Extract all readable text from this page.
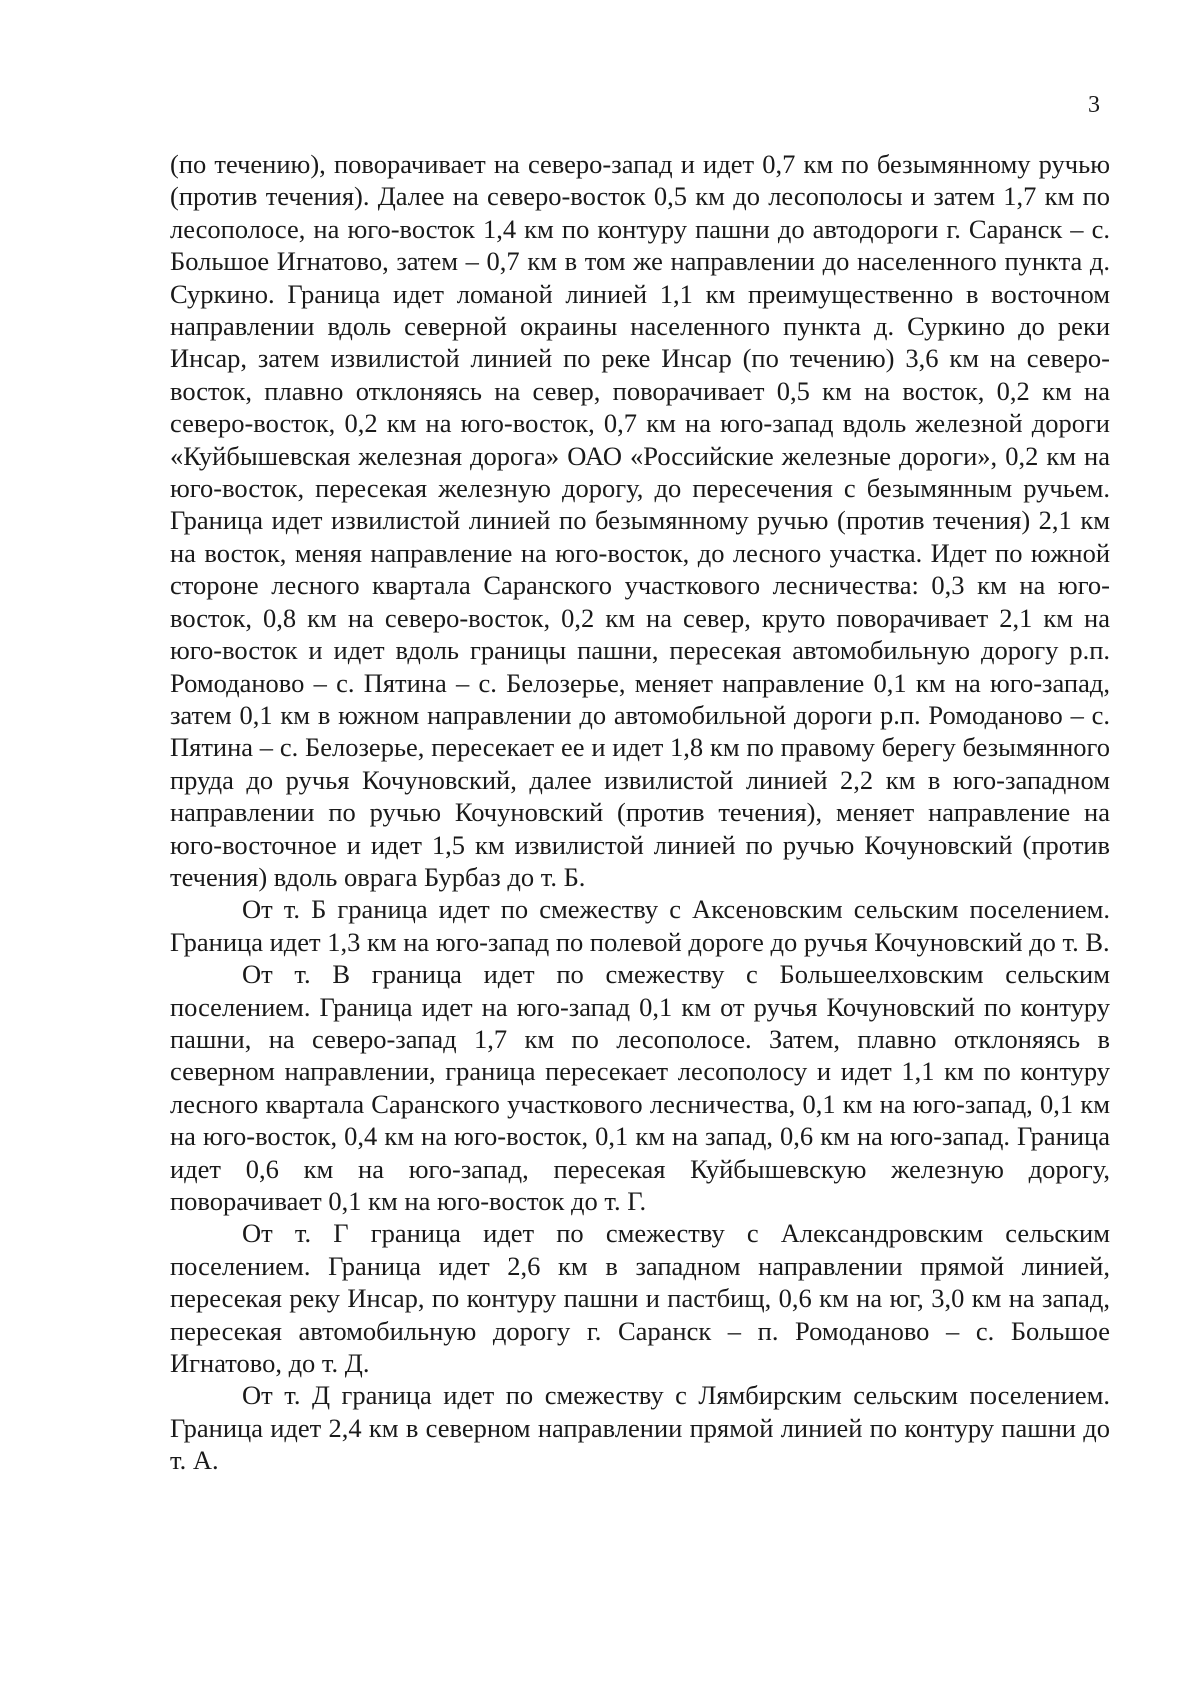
3

(по течению), поворачивает на северо-запад и идет 0,7 км по безымянному ручью (против течения). Далее на северо-восток 0,5 км до лесополосы и затем 1,7 км по лесополосе, на юго-восток 1,4 км по контуру пашни до автодороги г. Саранск – с. Большое Игнатово, затем – 0,7 км в том же направлении до населенного пункта д. Суркино. Граница идет ломаной линией 1,1 км преимущественно в восточном направлении вдоль северной окраины населенного пункта д. Суркино до реки Инсар, затем извилистой линией по реке Инсар (по течению) 3,6 км на северо-восток, плавно отклоняясь на север, поворачивает 0,5 км на восток, 0,2 км на северо-восток, 0,2 км на юго-восток, 0,7 км на юго-запад вдоль железной дороги «Куйбышевская железная дорога» ОАО «Российские железные дороги», 0,2 км на юго-восток, пересекая железную дорогу, до пересечения с безымянным ручьем. Граница идет извилистой линией по безымянному ручью (против течения) 2,1 км на восток, меняя направление на юго-восток, до лесного участка. Идет по южной стороне лесного квартала Саранского участкового лесничества: 0,3 км на юго-восток, 0,8 км на северо-восток, 0,2 км на север, круто поворачивает 2,1 км на юго-восток и идет вдоль границы пашни, пересекая автомобильную дорогу р.п. Ромоданово – с. Пятина – с. Белозерье, меняет направление 0,1 км на юго-запад, затем 0,1 км в южном направлении до автомобильной дороги р.п. Ромоданово – с. Пятина – с. Белозерье, пересекает ее и идет 1,8 км по правому берегу безымянного пруда до ручья Кочуновский, далее извилистой линией 2,2 км в юго-западном направлении по ручью Кочуновский (против течения), меняет направление на юго-восточное и идет 1,5 км извилистой линией по ручью Кочуновский (против течения) вдоль оврага Бурбаз до т. Б.

От т. Б граница идет по смежеству с Аксеновским сельским поселением. Граница идет 1,3 км на юго-запад по полевой дороге до ручья Кочуновский до т. В.

От т. В граница идет по смежеству с Большеелховским сельским поселением. Граница идет на юго-запад 0,1 км от ручья Кочуновский по контуру пашни, на северо-запад 1,7 км по лесополосе. Затем, плавно отклоняясь в северном направлении, граница пересекает лесополосу и идет 1,1 км по контуру лесного квартала Саранского участкового лесничества, 0,1 км на юго-запад, 0,1 км на юго-восток, 0,4 км на юго-восток, 0,1 км на запад, 0,6 км на юго-запад. Граница идет 0,6 км на юго-запад, пересекая Куйбышевскую железную дорогу, поворачивает 0,1 км на юго-восток до т. Г.

От т. Г граница идет по смежеству с Александровским сельским поселением. Граница идет 2,6 км в западном направлении прямой линией, пересекая реку Инсар, по контуру пашни и пастбищ, 0,6 км на юг, 3,0 км на запад, пересекая автомобильную дорогу г. Саранск – п. Ромоданово – с. Большое Игнатово, до т. Д.

От т. Д граница идет по смежеству с Лямбирским сельским поселением. Граница идет 2,4 км в северном направлении прямой линией по контуру пашни до т. А.
